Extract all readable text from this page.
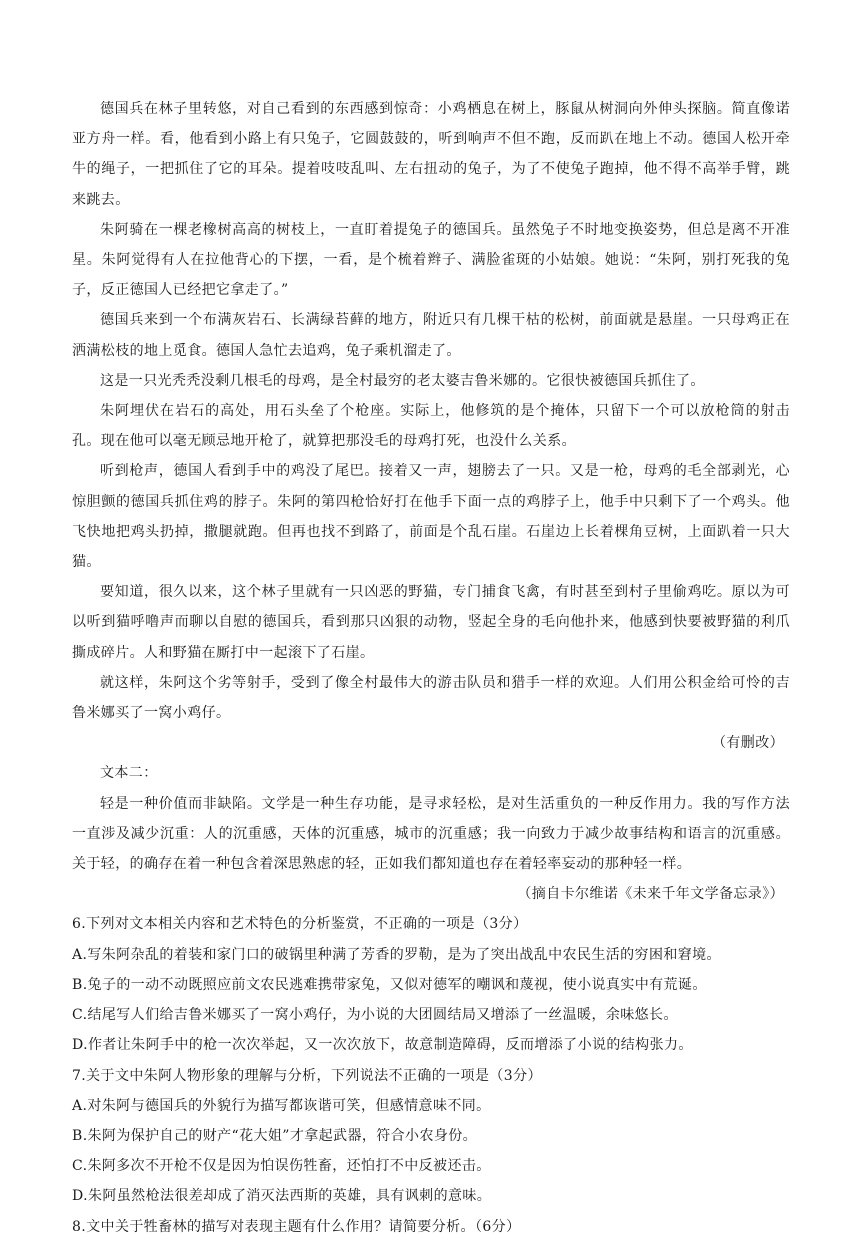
德国兵在林子里转悠，对自己看到的东西感到惊奇：小鸡栖息在树上，豚鼠从树洞向外伸头探脑。简直像诺亚方舟一样。看，他看到小路上有只兔子，它圆鼓鼓的，听到响声不但不跑，反而趴在地上不动。德国人松开牵牛的绳子，一把抓住了它的耳朵。提着吱吱乱叫、左右扭动的兔子，为了不使兔子跑掉，他不得不高举手臂，跳来跳去。

朱阿骑在一棵老橡树高高的树枝上，一直盯着提兔子的德国兵。虽然兔子不时地变换姿势，但总是离不开准星。朱阿觉得有人在拉他背心的下摆，一看，是个梳着辫子、满脸雀斑的小姑娘。她说：“朱阿，别打死我的兔子，反正德国人已经把它拿走了。”

德国兵来到一个布满灰岩石、长满绿苔藓的地方，附近只有几棵干枯的松树，前面就是悬崖。一只母鸡正在洒满松枝的地上觅食。德国人急忙去追鸡，兔子乘机溜走了。

这是一只光秃秃没剩几根毛的母鸡，是全村最穷的老太婆吉鲁米娜的。它很快被德国兵抓住了。

朱阿埋伏在岩石的高处，用石头垒了个枪座。实际上，他修筑的是个掩体，只留下一个可以放枪筒的射击孔。现在他可以毫无顾忌地开枪了，就算把那没毛的母鸡打死，也没什么关系。

听到枪声，德国人看到手中的鸡没了尾巴。接着又一声，翅膀去了一只。又是一枪，母鸡的毛全部剥光，心惊胆颤的德国兵抓住鸡的脖子。朱阿的第四枪恰好打在他手下面一点的鸡脖子上，他手中只剩下了一个鸡头。他飞快地把鸡头扔掉，撒腿就跑。但再也找不到路了，前面是个乱石崖。石崖边上长着棵角豆树，上面趴着一只大猫。

要知道，很久以来，这个林子里就有一只凶恶的野猫，专门捕食飞禽，有时甚至到村子里偷鸡吃。原以为可以听到猫呼噜声而聊以自慰的德国兵，看到那只凶狠的动物，竖起全身的毛向他扑来，他感到快要被野猫的利爪撕成碎片。人和野猫在厮打中一起滚下了石崖。

就这样，朱阿这个劣等射手，受到了像全村最伟大的游击队员和猎手一样的欢迎。人们用公积金给可怜的吉鲁米娜买了一窝小鸡仔。

（有删改）

文本二：

轻是一种价值而非缺陷。文学是一种生存功能，是寻求轻松，是对生活重负的一种反作用力。我的写作方法一直涉及减少沉重：人的沉重感，天体的沉重感，城市的沉重感；我一向致力于减少故事结构和语言的沉重感。关于轻，的确存在着一种包含着深思熟虑的轻，正如我们都知道也存在着轻率妄动的那种轻一样。

（摘自卡尔维诺《未来千年文学备忘录》）

6.下列对文本相关内容和艺术特色的分析鉴赏，不正确的一项是（3分）

A.写朱阿杂乱的着装和家门口的破锅里种满了芳香的罗勒，是为了突出战乱中农民生活的穷困和窘境。

B.兔子的一动不动既照应前文农民逃难携带家兔，又似对德军的嘲讽和蔑视，使小说真实中有荒诞。

C.结尾写人们给吉鲁米娜买了一窝小鸡仔，为小说的大团圆结局又增添了一丝温暖，余味悠长。

D.作者让朱阿手中的枪一次次举起，又一次次放下，故意制造障碍，反而增添了小说的结构张力。

7.关于文中朱阿人物形象的理解与分析，下列说法不正确的一项是（3分）

A.对朱阿与德国兵的外貌行为描写都诙谐可笑，但感情意味不同。

B.朱阿为保护自己的财产“花大姐”才拿起武器，符合小农身份。

C.朱阿多次不开枪不仅是因为怕误伤牲畜，还怕打不中反被还击。

D.朱阿虽然枪法很差却成了消灭法西斯的英雄，具有讽刺的意味。

8.文中关于牲畜林的描写对表现主题有什么作用？请简要分析。（6分）
